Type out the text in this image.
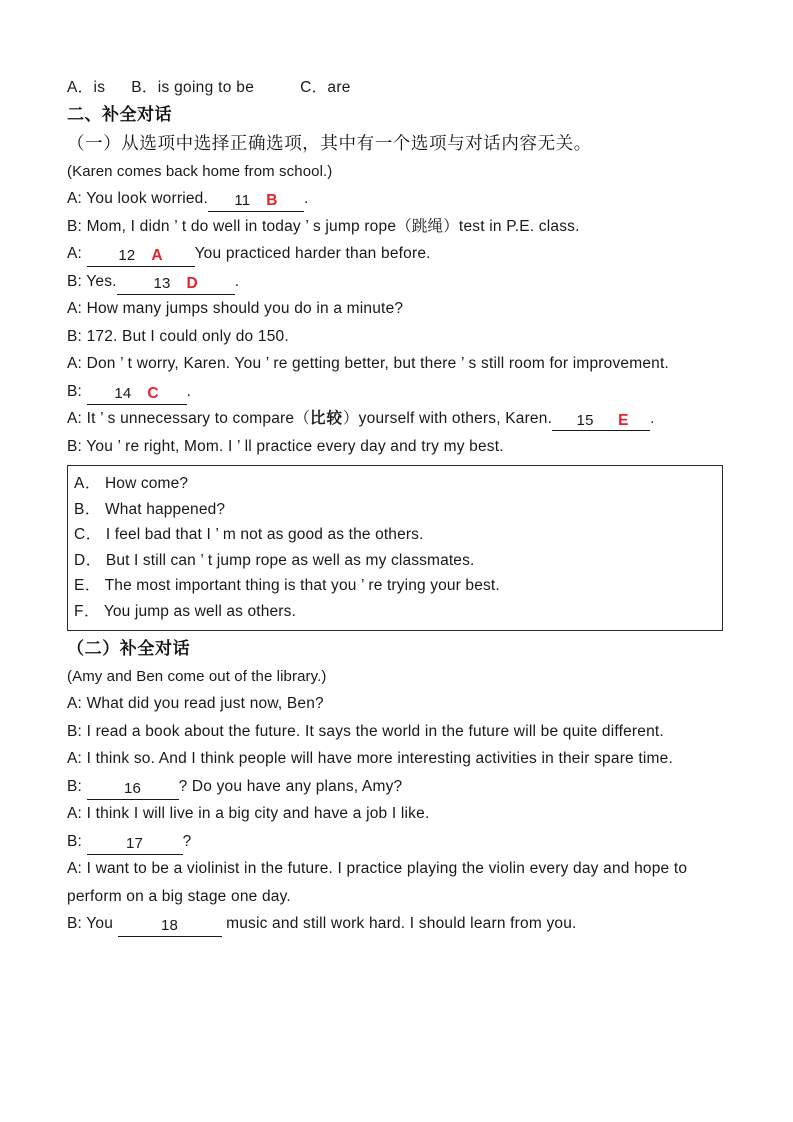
A．is B．is going to be	C．are
二、补全对话
（一）从选项中选择正确选项，其中有一个选项与对话内容无关。
(Karen comes back home from school.)
A: You look worried. 11 B .
B: Mom, I didn ’ t do well in today ’ s jump rope（跳绳）test in P.E. class.
A: 12 A You practiced harder than before.
B: Yes. 13 D .
A: How many jumps should you do in a minute?
B: 172. But I could only do 150.
A: Don ’ t worry, Karen. You ’ re getting better, but there ’ s still room for improvement.
B: 14 C .
A: It ’ s unnecessary to compare（比较）yourself with others, Karen. 15 E .
B: You ’ re right, Mom. I ’ ll practice every day and try my best.
A． How come?
B． What happened?
C． I feel bad that I ’ m not as good as the others.
D． But I still can ’ t jump rope as well as my classmates.
E． The most important thing is that you ’ re trying your best.
F． You jump as well as others.
（二）补全对话
(Amy and Ben come out of the library.)
A: What did you read just now, Ben?
B: I read a book about the future. It says the world in the future will be quite different.
A: I think so. And I think people will have more interesting activities in their spare time.
B:	16 ? Do you have any plans, Amy?
A: I think I will live in a big city and have a job I like.
B:	17	?
A: I want to be a violinist in the future. I practice playing the violin every day and hope to perform on a big stage one day.
B: You	18	music and still work hard. I should learn from you.
